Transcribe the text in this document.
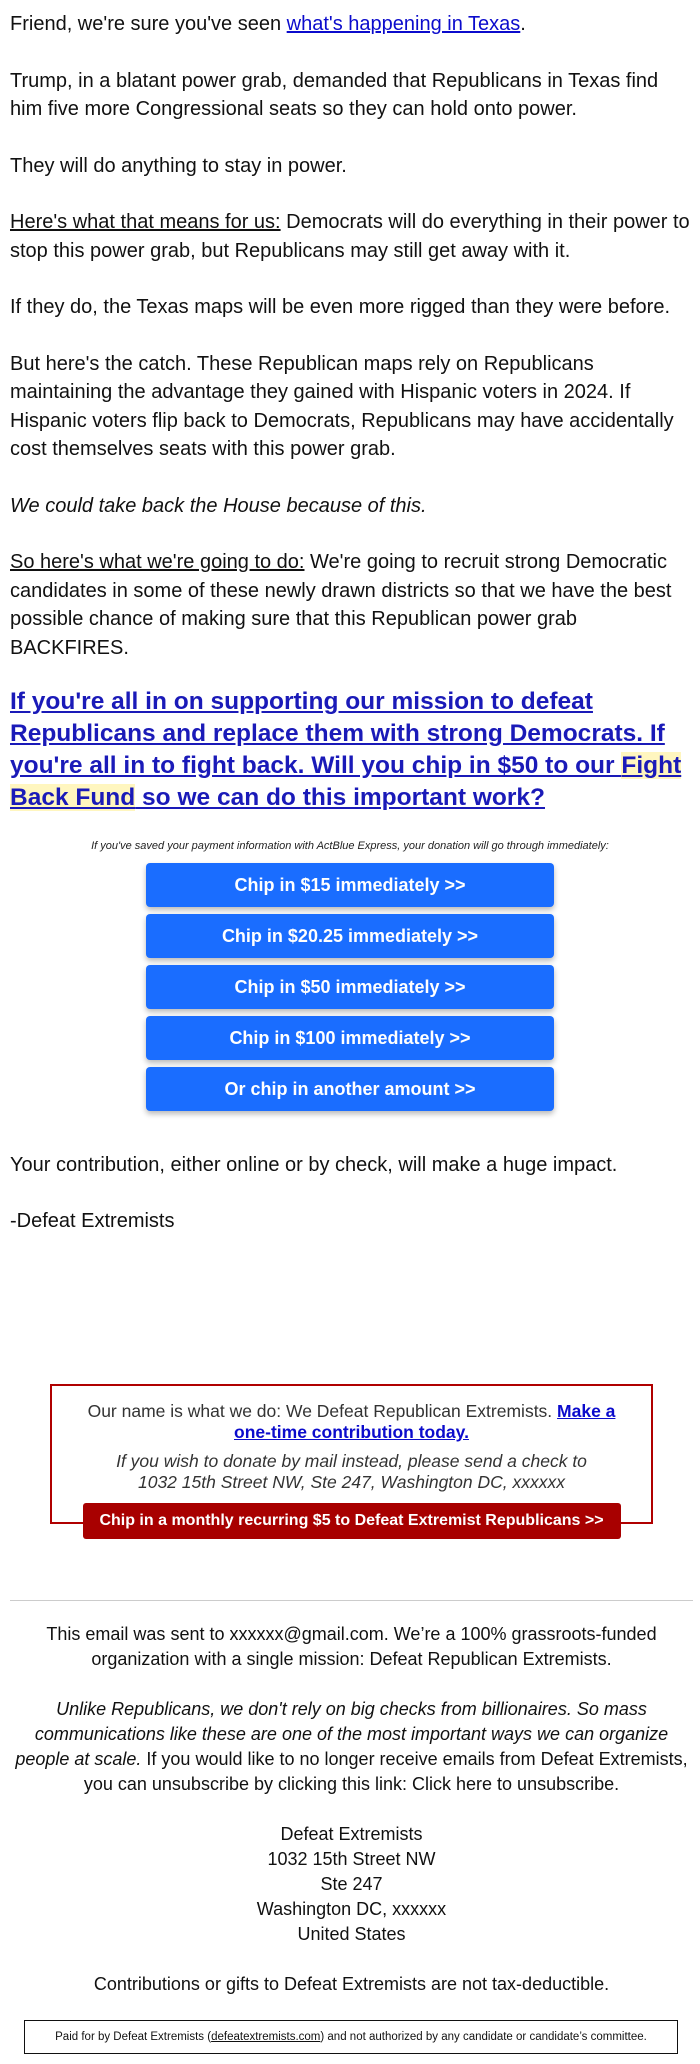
Friend, we're sure you've seen what's happening in Texas.

Trump, in a blatant power grab, demanded that Republicans in Texas find him five more Congressional seats so they can hold onto power.

They will do anything to stay in power.

Here's what that means for us: Democrats will do everything in their power to stop this power grab, but Republicans may still get away with it.

If they do, the Texas maps will be even more rigged than they were before.

But here's the catch. These Republican maps rely on Republicans maintaining the advantage they gained with Hispanic voters in 2024. If Hispanic voters flip back to Democrats, Republicans may have accidentally cost themselves seats with this power grab.

We could take back the House because of this.

So here's what we're going to do: We're going to recruit strong Democratic candidates in some of these newly drawn districts so that we have the best possible chance of making sure that this Republican power grab BACKFIRES.

If you're all in on supporting our mission to defeat Republicans and replace them with strong Democrats. If you're all in to fight back. Will you chip in $50 to our Fight Back Fund so we can do this important work?

If you've saved your payment information with ActBlue Express, your donation will go through immediately:

Chip in $15 immediately >>
Chip in $20.25 immediately >>
Chip in $50 immediately >>
Chip in $100 immediately >>
Or chip in another amount >>

Your contribution, either online or by check, will make a huge impact.

-Defeat Extremists

Our name is what we do: We Defeat Republican Extremists. Make a one-time contribution today.
If you wish to donate by mail instead, please send a check to 1032 15th Street NW, Ste 247, Washington DC, xxxxxx
Chip in a monthly recurring $5 to Defeat Extremist Republicans >>

This email was sent to xxxxxx@gmail.com. We’re a 100% grassroots-funded organization with a single mission: Defeat Republican Extremists.

Unlike Republicans, we don't rely on big checks from billionaires. So mass communications like these are one of the most important ways we can organize people at scale. If you would like to no longer receive emails from Defeat Extremists, you can unsubscribe by clicking this link: Click here to unsubscribe.

Defeat Extremists

1032 15th Street NW

Ste 247

Washington DC, xxxxxx

United States

Contributions or gifts to Defeat Extremists are not tax-deductible.

Paid for by Defeat Extremists ( defeatextremists.com ) and not authorized by any candidate or candidate’s committee.
